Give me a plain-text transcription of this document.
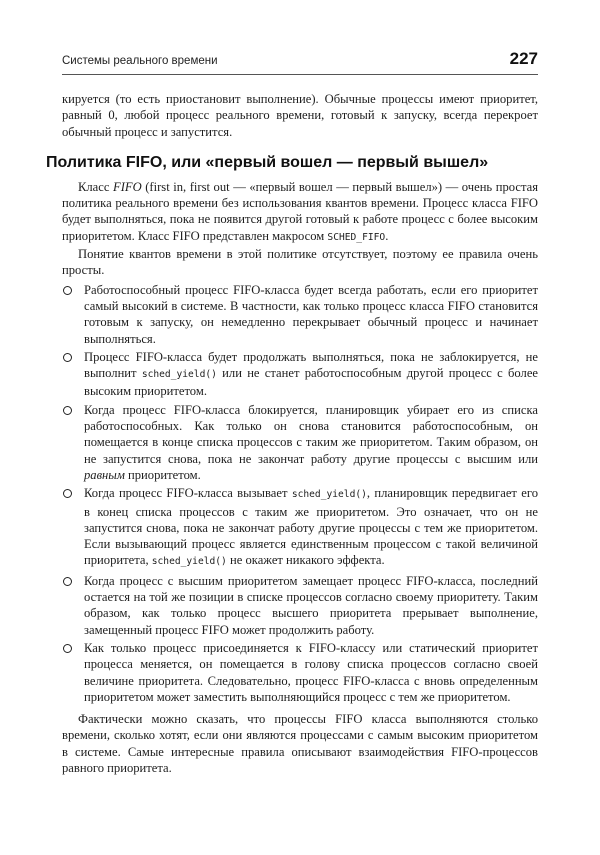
Системы реального времени	227

кируется (то есть приостановит выполнение). Обычные процессы имеют приоритет, равный 0, любой процесс реального времени, готовый к запуску, всегда перекроет обычный процесс и запустится.

Политика FIFO, или «первый вошел — первый вышел»

Класс FIFO (first in, first out — «первый вошел — первый вышел») — очень простая политика реального времени без использования квантов времени. Процесс класса FIFO будет выполняться, пока не появится другой готовый к работе процесс с более высоким приоритетом. Класс FIFO представлен макросом SCHED_FIFO.

Понятие квантов времени в этой политике отсутствует, поэтому ее правила очень просты.

Работоспособный процесс FIFO-класса будет всегда работать, если его приоритет самый высокий в системе. В частности, как только процесс класса FIFO становится готовым к запуску, он немедленно перекрывает обычный процесс и начинает выполняться.
Процесс FIFO-класса будет продолжать выполняться, пока не заблокируется, не выполнит sched_yield() или не станет работоспособным другой процесс с более высоким приоритетом.
Когда процесс FIFO-класса блокируется, планировщик убирает его из списка работоспособных. Как только он снова становится работоспособным, он помещается в конце списка процессов с таким же приоритетом. Таким образом, он не запустится снова, пока не закончат работу другие процессы с высшим или равным приоритетом.
Когда процесс FIFO-класса вызывает sched_yield(), планировщик передвигает его в конец списка процессов с таким же приоритетом. Это означает, что он не запустится снова, пока не закончат работу другие процессы с тем же приоритетом. Если вызывающий процесс является единственным процессом с такой величиной приоритета, sched_yield() не окажет никакого эффекта.
Когда процесс с высшим приоритетом замещает процесс FIFO-класса, последний остается на той же позиции в списке процессов согласно своему приоритету. Таким образом, как только процесс высшего приоритета прерывает выполнение, замещенный процесс FIFO может продолжить работу.
Как только процесс присоединяется к FIFO-классу или статический приоритет процесса меняется, он помещается в голову списка процессов согласно своей величине приоритета. Следовательно, процесс FIFO-класса с вновь определенным приоритетом может заместить выполняющийся процесс с тем же приоритетом.

Фактически можно сказать, что процессы FIFO класса выполняются столько времени, сколько хотят, если они являются процессами с самым высоким приоритетом в системе. Самые интересные правила описывают взаимодействия FIFO-процессов равного приоритета.
